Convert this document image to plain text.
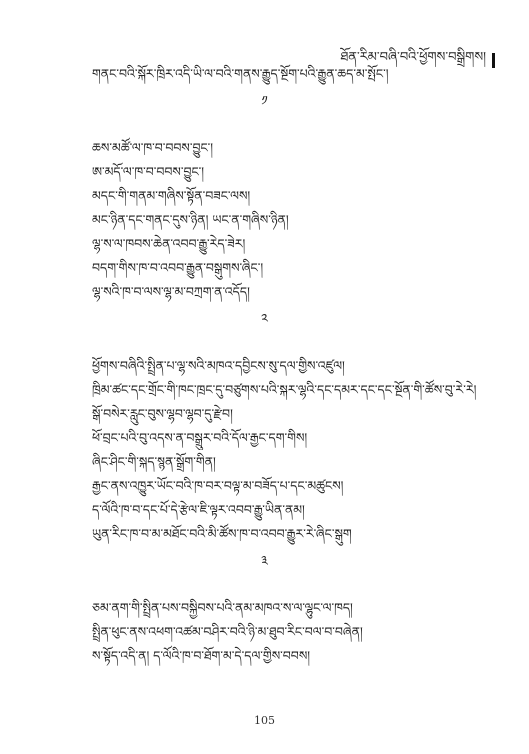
ཐོན་རིམ་བཞི་བའི་ཕྱོགས་བསྒྲིགས།
གནང་བའི་སྐོར་ཁྲིར་འདི་ཡི་ལ་བའི་གནས་རྒྱུད་སྔོག་པའི་རྒྱུན་ཆད་མ་སྤོང་།
༡
ཆས་མཚོ་ལ་ཁ་བ་བབས་བྱུང་།
ཨ་མདོ་ལ་ཁ་བ་བབས་བྱུང་།
མདང་གི་གནམ་གཞིས་སྟོན་བཟང་ལས།
མང་ཉིན་དང་གནང་དུས་ཉིན། ཡང་ན་གཞིས་ཉིན།
ལྷ་ས་ལ་ཁབས་ཆེན་འབབ་རྒྱུ་རེད་ཟེར།
བདག་གིས་ཁ་བ་འབབ་རྒྱུན་བསྒུགས་ཞིང་།
ལྷ་སའི་ཁ་བ་ལས་ལྷ་མ་བཀྲག་ན་འདོད།
༢
ཕྱོགས་བཞིའི་སྤྲིན་པ་ལྷ་སའི་མཁའ་དབྱིངས་སུ་དལ་གྱིས་འཛུལ།
ཁྲིམ་ཚང་དང་གྲོང་གི་ཁང་ཁྲང་དུ་བཙུགས་པའི་སྐར་ལྷའི་དང་དམར་དང་དང་སྔོན་གི་ཚོས་བུ་རེ་རེ།
སྒོ་བསེར་རླུང་བུས་ལྷབ་ལྷབ་དུ་རྫེབ།
ཕོ་བྲང་པའི་བུ་འདས་ན་བསྒྲུར་བའི་དོལ་རྒྱང་དག་གིས།
ཞིང་ཤིང་གི་སྐད་སྙན་སྒྲོག་གིན།
རྒྱང་ནས་འཁྱུར་ཡོང་བའི་ཁ་བར་བལྟ་མ་བཟོད་པ་དང་མཚུངས།
ད་ལོའི་ཁ་བ་དང་པོ་དེ་རྩེལ་ཇི་ལྟར་འབབ་རྒྱུ་ཡིན་ནམ།
ཡུན་རིང་ཁ་བ་མ་མཐོང་བའི་མི་ཚོས་ཁ་བ་འབབ་རྒྱུར་རེ་ཞིང་སྒུག
༣
ཅམ་ནག་གི་སྤྲིན་པས་བསྐྱིབས་པའི་ནམ་མཁའ་ས་ལ་ལྷུང་ལ་ཁད།
སྤྲིན་ཕུང་ནས་འཕག་འཚམ་བཤིར་བའི་ཉི་མ་ཐུབ་རིང་བལ་བ་བཞེན།
ས་སྟོད་འདི་ན། ད་ལོའི་ཁ་བ་ཐོག་མ་དེ་དལ་གྱིས་བབས།
105
